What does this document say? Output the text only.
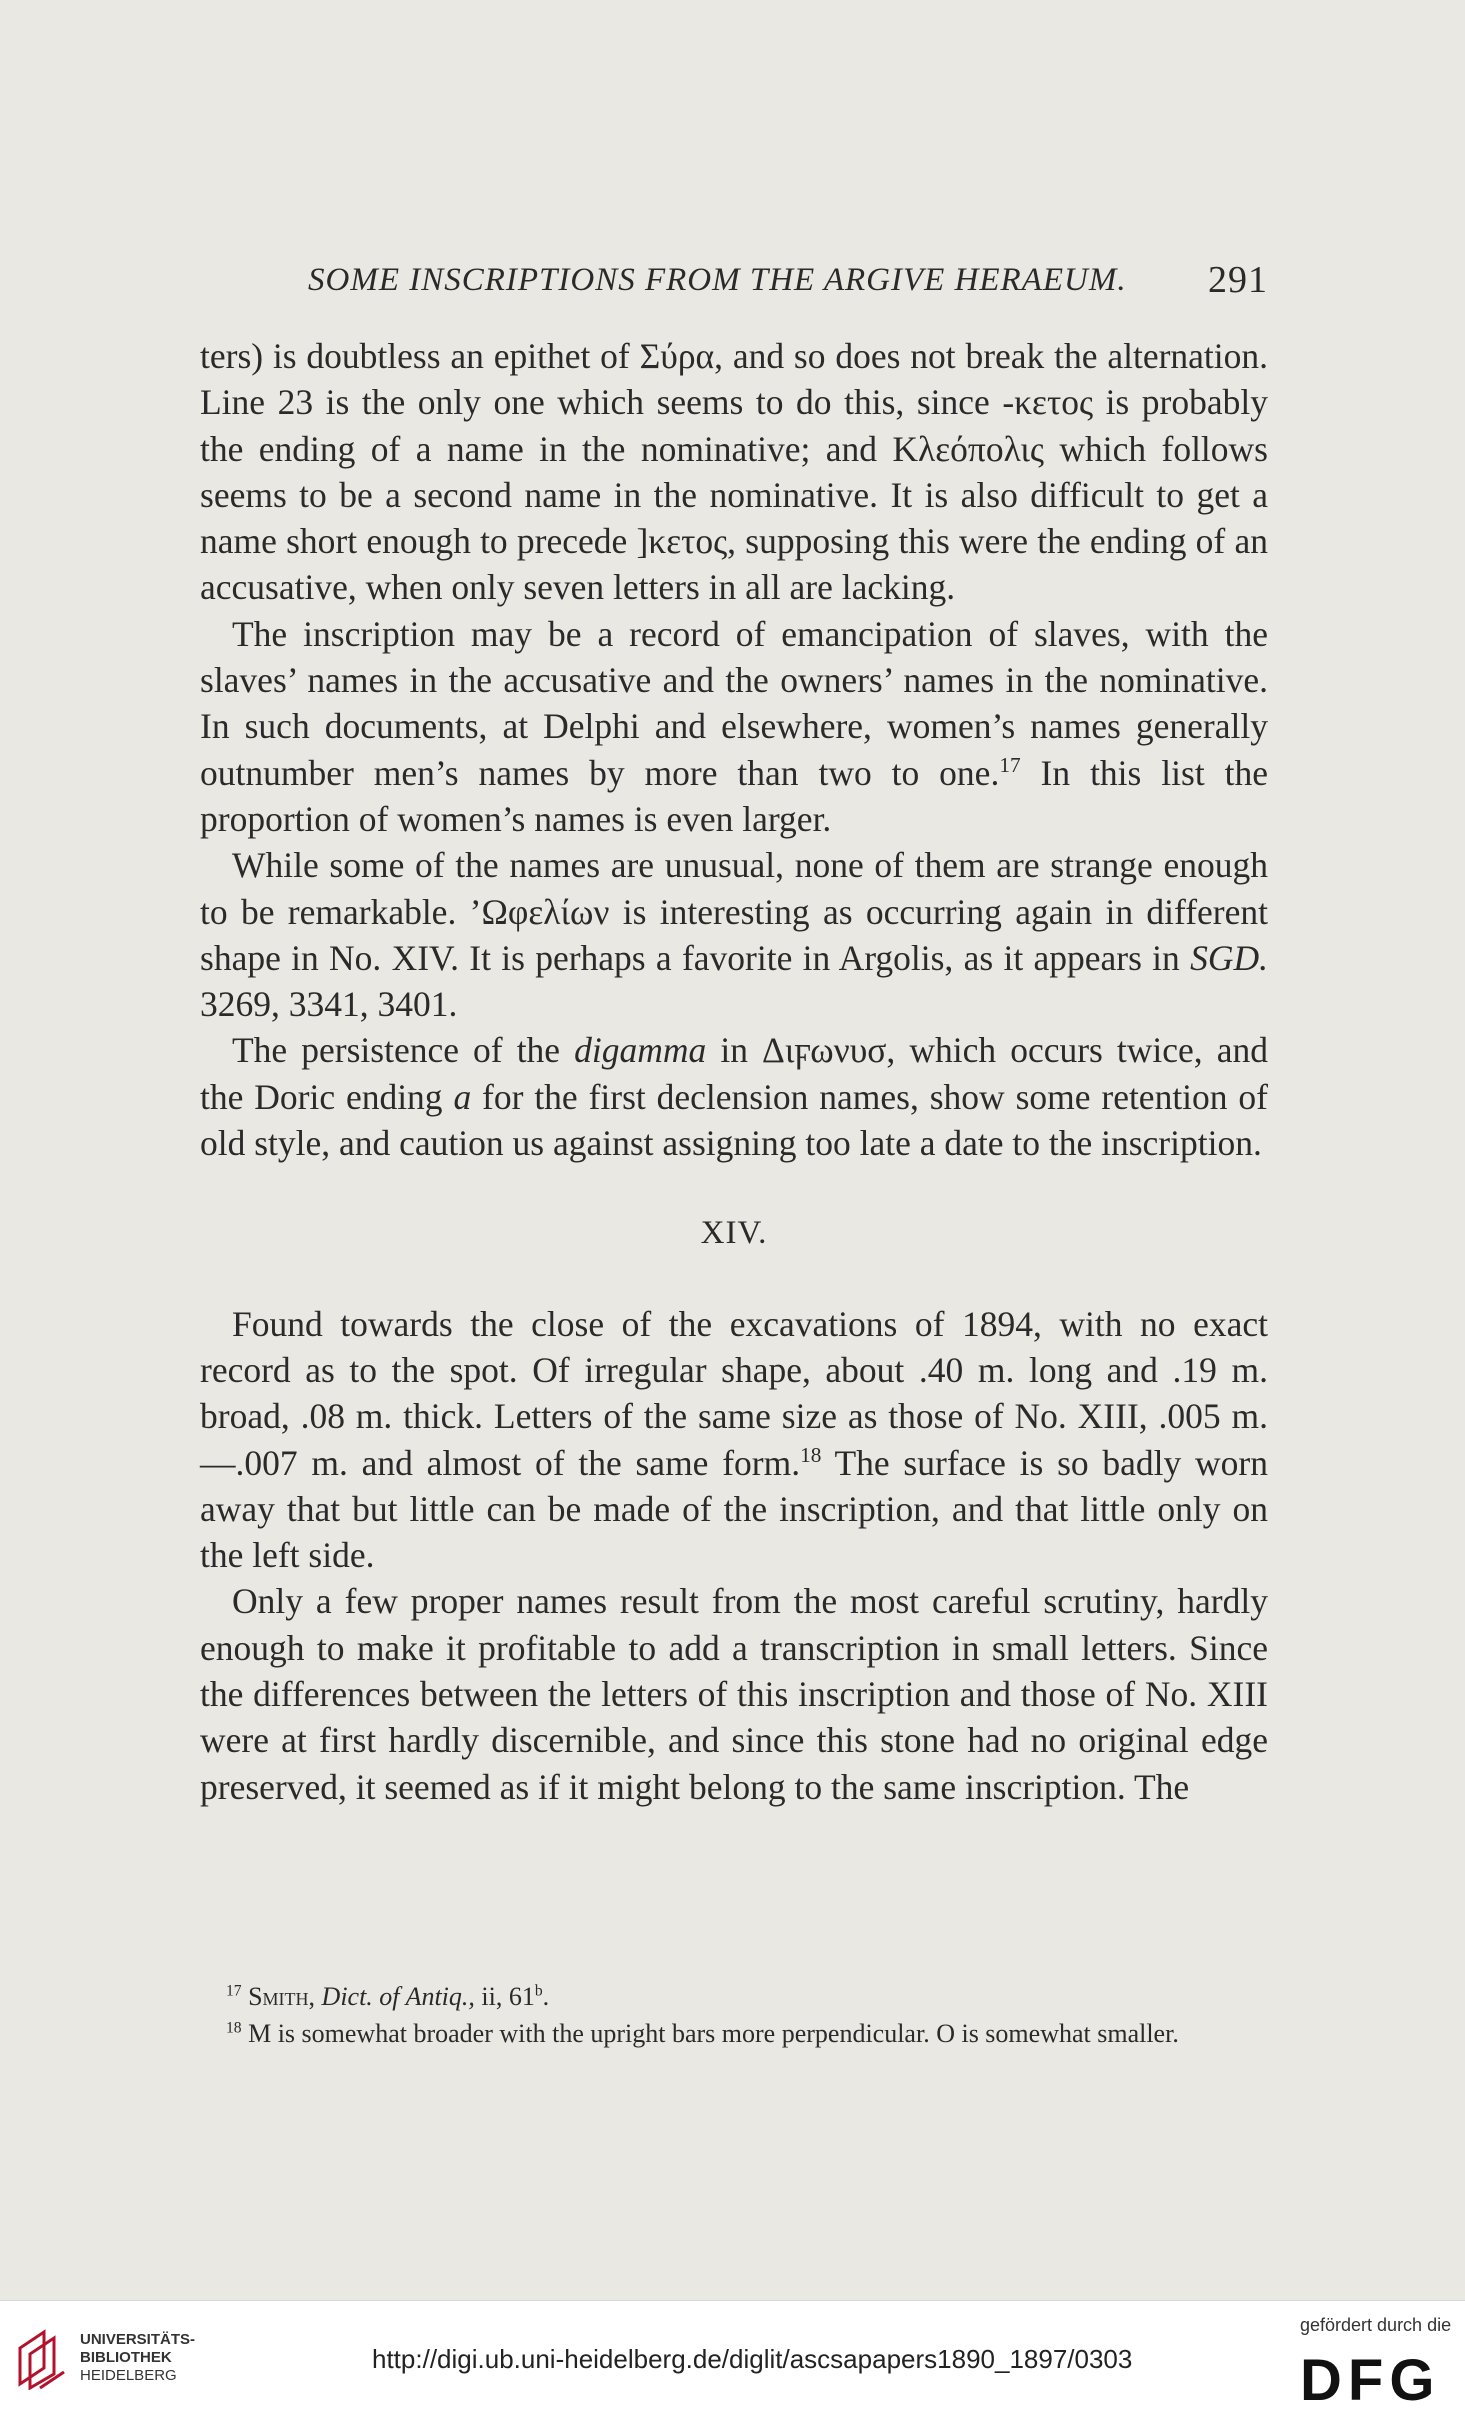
SOME INSCRIPTIONS FROM THE ARGIVE HERAEUM. 291

ters) is doubtless an epithet of Σύρα, and so does not break the alternation. Line 23 is the only one which seems to do this, since -κετος is probably the ending of a name in the nominative; and Κλεόπολις which follows seems to be a second name in the nominative. It is also difficult to get a name short enough to precede ]κετος, supposing this were the ending of an accusative, when only seven letters in all are lacking.

The inscription may be a record of emancipation of slaves, with the slaves’ names in the accusative and the owners’ names in the nominative. In such documents, at Delphi and elsewhere, women’s names generally outnumber men’s names by more than two to one.$^{17}$ In this list the proportion of women’s names is even larger.

While some of the names are unusual, none of them are strange enough to be remarkable. ’Ωφελίων is interesting as occurring again in different shape in No. XIV. It is perhaps a favorite in Argolis, as it appears in SGD. 3269, 3341, 3401.

The persistence of the digamma in Διϝωνυσ, which occurs twice, and the Doric ending a for the first declension names, show some retention of old style, and caution us against assigning too late a date to the inscription.

XIV.

Found towards the close of the excavations of 1894, with no exact record as to the spot. Of irregular shape, about .40 m. long and .19 m. broad, .08 m. thick. Letters of the same size as those of No. XIII, .005 m.—.007 m. and almost of the same form.$^{18}$ The surface is so badly worn away that but little can be made of the inscription, and that little only on the left side.

Only a few proper names result from the most careful scrutiny, hardly enough to make it profitable to add a transcription in small letters. Since the differences between the letters of this inscription and those of No. XIII were at first hardly discernible, and since this stone had no original edge preserved, it seemed as if it might belong to the same inscription. The

$^{17}$ Smith, Dict. of Antiq., ii, 61$^b$.

$^{18}$ M is somewhat broader with the upright bars more perpendicular. O is somewhat smaller.

UNIVERSITÄTS-
BIBLIOTHEK
HEIDELBERG
http://digi.ub.uni-heidelberg.de/diglit/ascsapapers1890_1897/0303
gefördert durch die
DFG
